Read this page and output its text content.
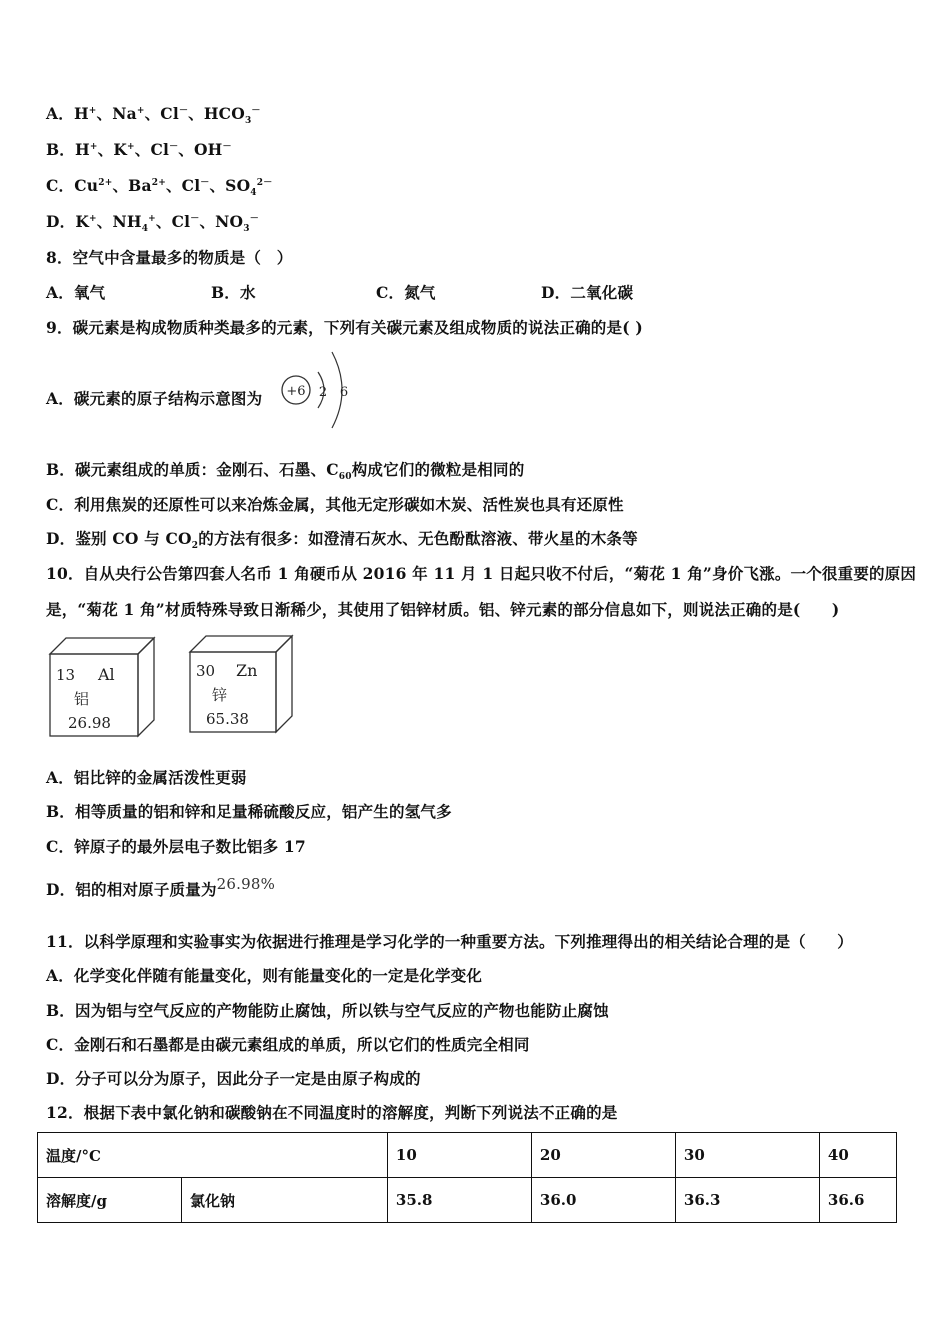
A．H+、Na+、Cl－、$HCO_3^-$
B．H+、K+、Cl－、OH－
C．$Cu^{2+}$、$Ba^{2+}$、Cl－、$SO_4^{2-}$
D．K+、$NH_4^+$、Cl－、$NO_3^-$
8．空气中含量最多的物质是（　）
A．氧气	B．水	C．氮气	D．二氧化碳
9．碳元素是构成物质种类最多的元素，下列有关碳元素及组成物质的说法正确的是( )
A．碳元素的原子结构示意图为 +6 2 6
B．碳元素组成的单质：金刚石、石墨、$C_{60}$构成它们的微粒是相同的
C．利用焦炭的还原性可以来冶炼金属，其他无定形碳如木炭、活性炭也具有还原性
D．鉴别 CO 与 $CO_2$的方法有很多：如澄清石灰水、无色酚酞溶液、带火星的木条等
10．自从央行公告第四套人名币 1 角硬币从 2016 年 11 月 1 日起只收不付后，“菊花 1 角”身价飞涨。一个很重要的原因
是，“菊花 1 角”材质特殊导致日渐稀少，其使用了铝锌材质。铝、锌元素的部分信息如下，则说法正确的是(　　)
13 Al
铝
26.98
30 Zn
锌
65.38
A．铝比锌的金属活泼性更弱
B．相等质量的铝和锌和足量稀硫酸反应，铝产生的氢气多
C．锌原子的最外层电子数比铝多 17
D．铝的相对原子质量为26.98%
11．以科学原理和实验事实为依据进行推理是学习化学的一种重要方法。下列推理得出的相关结论合理的是（　　）
A．化学变化伴随有能量变化，则有能量变化的一定是化学变化
B．因为铝与空气反应的产物能防止腐蚀，所以铁与空气反应的产物也能防止腐蚀
C．金刚石和石墨都是由碳元素组成的单质，所以它们的性质完全相同
D．分子可以分为原子，因此分子一定是由原子构成的
12．根据下表中氯化钠和碳酸钠在不同温度时的溶解度，判断下列说法不正确的是
温度/°C		10	20	30	40
溶解度/g	氯化钠	35.8	36.0	36.3	36.6
